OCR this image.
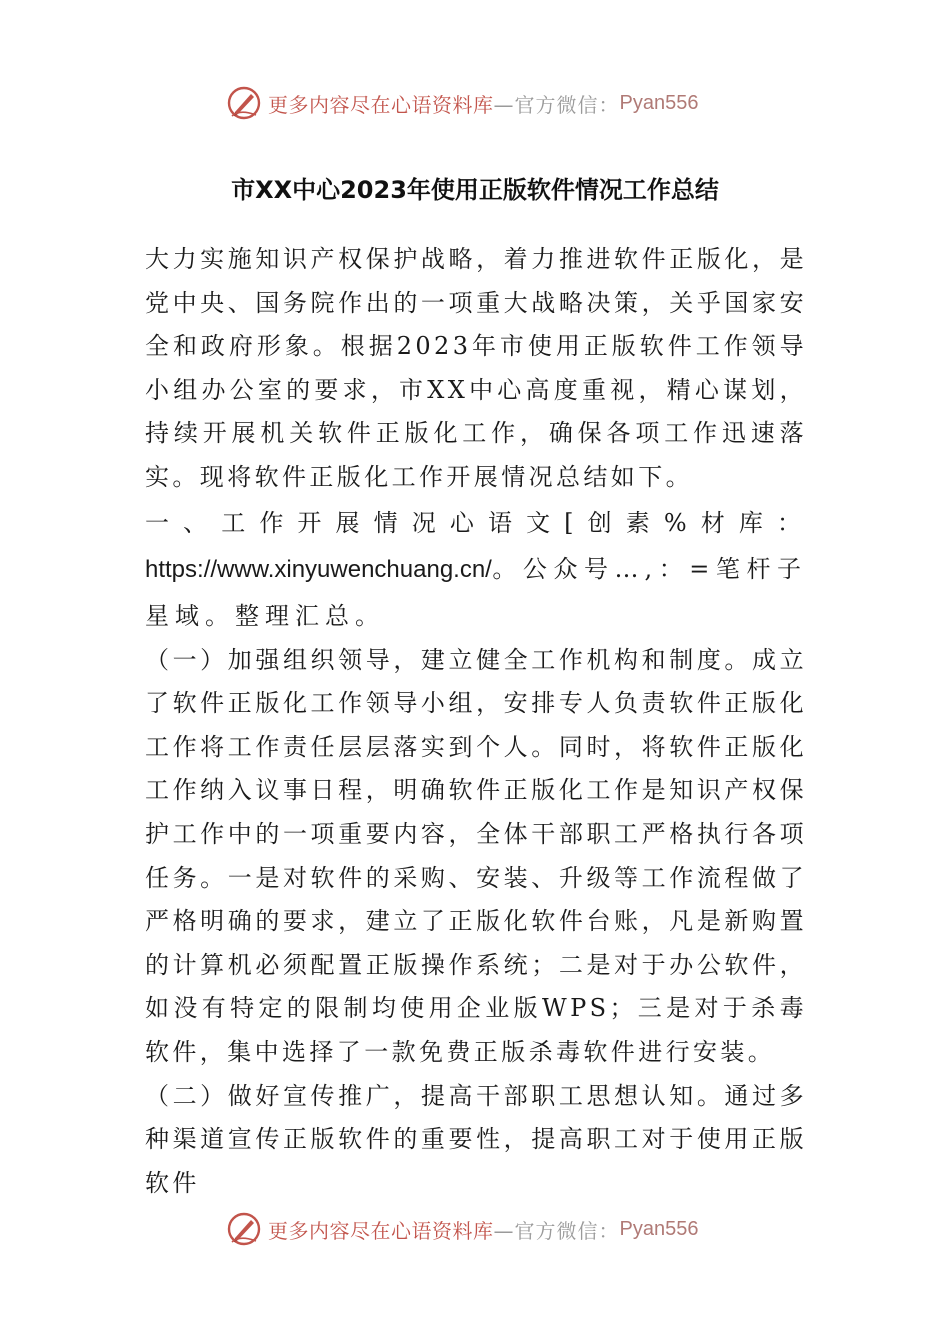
更多内容尽在心语资料库 —官方微信： Pyan556
市XX中心2023年使用正版软件情况工作总结

大力实施知识产权保护战略，着力推进软件正版化，是党中央、国务院作出的一项重大战略决策，关乎国家安全和政府形象。根据2023年市使用正版软件工作领导小组办公室的要求，市XX中心高度重视，精心谋划，持续开展机关软件正版化工作，确保各项工作迅速落实。现将软件正版化工作开展情况总结如下。

一、工作开展情况心语文[创素%材库：https://www.xinyuwenchuang.cn/。公众号…,：=笔杆子星域。整理汇总。

（一）加强组织领导，建立健全工作机构和制度。成立了软件正版化工作领导小组，安排专人负责软件正版化工作将工作责任层层落实到个人。同时，将软件正版化工作纳入议事日程，明确软件正版化工作是知识产权保护工作中的一项重要内容，全体干部职工严格执行各项任务。一是对软件的采购、安装、升级等工作流程做了严格明确的要求，建立了正版化软件台账，凡是新购置的计算机必须配置正版操作系统；二是对于办公软件，如没有特定的限制均使用企业版WPS；三是对于杀毒软件，集中选择了一款免费正版杀毒软件进行安装。

（二）做好宣传推广，提高干部职工思想认知。通过多种渠道宣传正版软件的重要性，提高职工对于使用正版软件

更多内容尽在心语资料库 —官方微信： Pyan556
